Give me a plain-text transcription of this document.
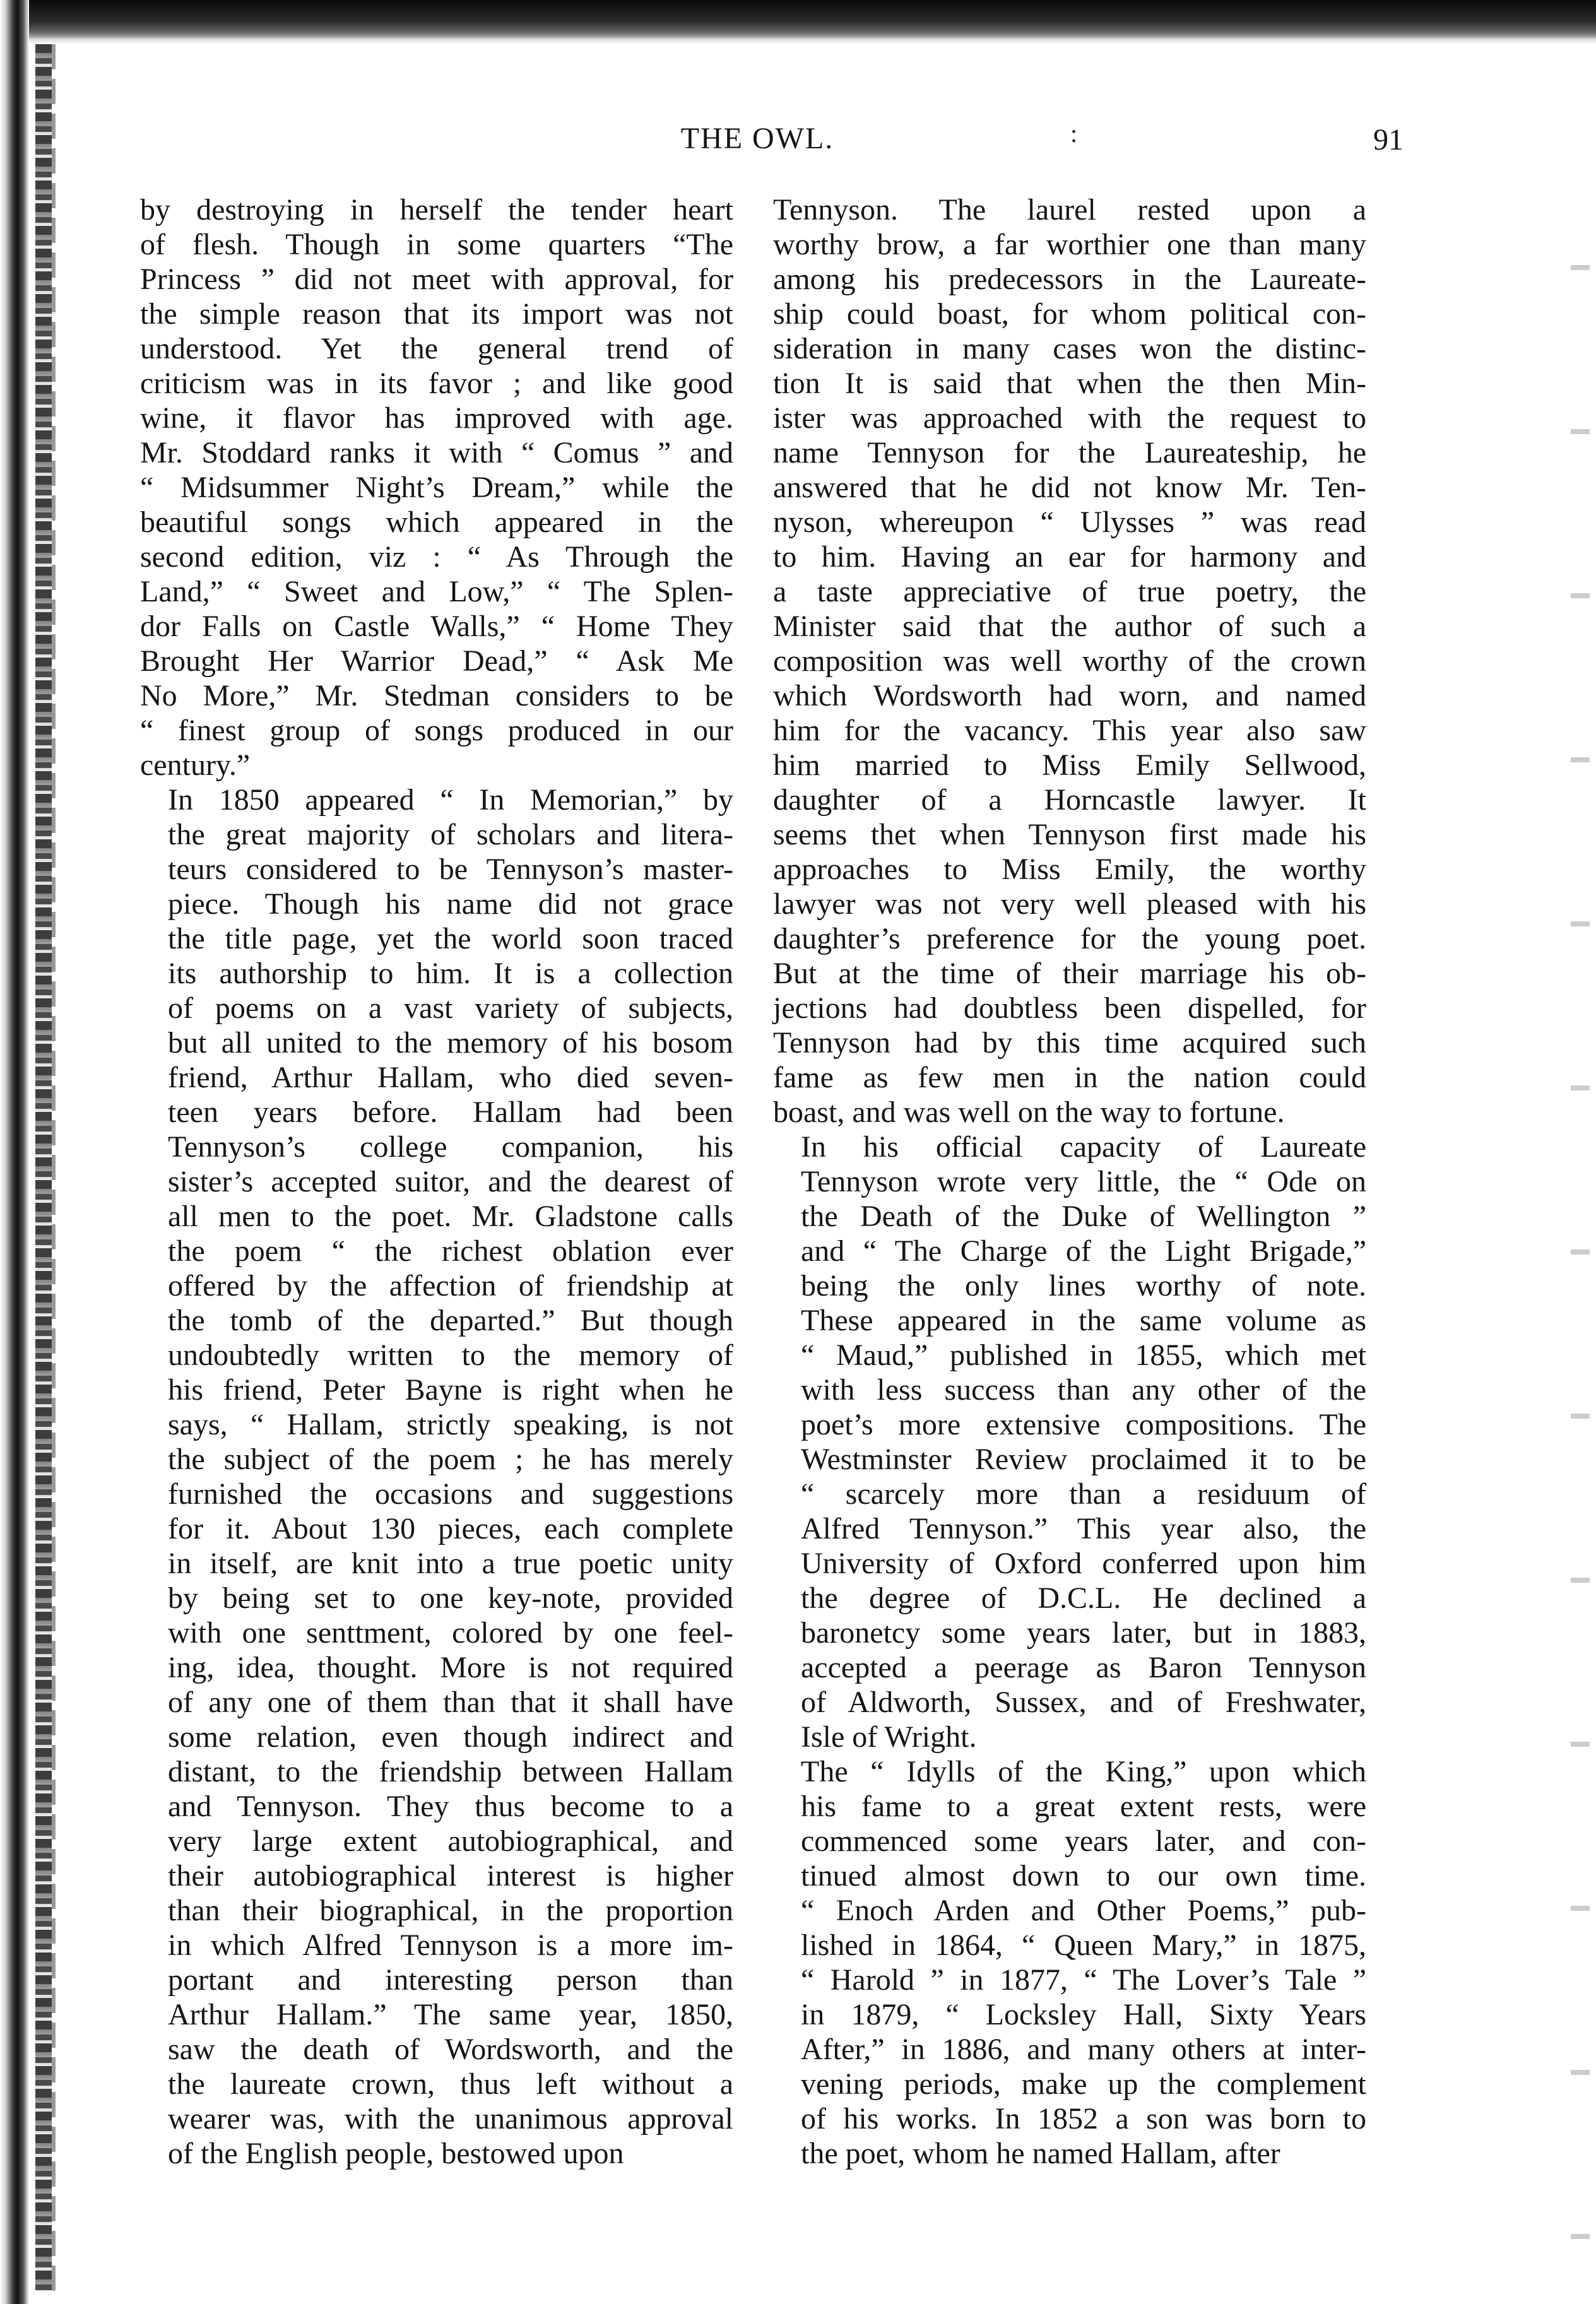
THE OWL.	:	91

by destroying in herself the tender heart
of flesh. Though in some quarters “The
Princess ” did not meet with approval, for
the simple reason that its import was not
understood. Yet the general trend of
criticism was in its favor ; and like good
wine, it flavor has improved with age.
Mr. Stoddard ranks it with “ Comus ” and
“ Midsummer Night’s Dream,” while the
beautiful songs which appeared in the
second edition, viz : “ As Through the
Land,” “ Sweet and Low,” “ The Splen-
dor Falls on Castle Walls,” “ Home They
Brought Her Warrior Dead,” “ Ask Me
No More,” Mr. Stedman considers to be
“ finest group of songs produced in our
century.”

In 1850 appeared “ In Memorian,” by
the great majority of scholars and litera-
teurs considered to be Tennyson’s master-
piece. Though his name did not grace
the title page, yet the world soon traced
its authorship to him. It is a collection
of poems on a vast variety of subjects,
but all united to the memory of his bosom
friend, Arthur Hallam, who died seven-
teen years before. Hallam had been
Tennyson’s college companion, his
sister’s accepted suitor, and the dearest of
all men to the poet. Mr. Gladstone calls
the poem “ the richest oblation ever
offered by the affection of friendship at
the tomb of the departed.” But though
undoubtedly written to the memory of
his friend, Peter Bayne is right when he
says, “ Hallam, strictly speaking, is not
the subject of the poem ; he has merely
furnished the occasions and suggestions
for it. About 130 pieces, each complete
in itself, are knit into a true poetic unity
by being set to one key-note, provided
with one senttment, colored by one feel-
ing, idea, thought. More is not required
of any one of them than that it shall have
some relation, even though indirect and
distant, to the friendship between Hallam
and Tennyson. They thus become to a
very large extent autobiographical, and
their autobiographical interest is higher
than their biographical, in the proportion
in which Alfred Tennyson is a more im-
portant and interesting person than
Arthur Hallam.” The same year, 1850,
saw the death of Wordsworth, and the
the laureate crown, thus left without a
wearer was, with the unanimous approval
of the English people, bestowed upon

Tennyson. The laurel rested upon a
worthy brow, a far worthier one than many
among his predecessors in the Laureate-
ship could boast, for whom political con-
sideration in many cases won the distinc-
tion It is said that when the then Min-
ister was approached with the request to
name Tennyson for the Laureateship, he
answered that he did not know Mr. Ten-
nyson, whereupon “ Ulysses ” was read
to him. Having an ear for harmony and
a taste appreciative of true poetry, the
Minister said that the author of such a
composition was well worthy of the crown
which Wordsworth had worn, and named
him for the vacancy. This year also saw
him married to Miss Emily Sellwood,
daughter of a Horncastle lawyer. It
seems thet when Tennyson first made his
approaches to Miss Emily, the worthy
lawyer was not very well pleased with his
daughter’s preference for the young poet.
But at the time of their marriage his ob-
jections had doubtless been dispelled, for
Tennyson had by this time acquired such
fame as few men in the nation could
boast, and was well on the way to fortune.

In his official capacity of Laureate
Tennyson wrote very little, the “ Ode on
the Death of the Duke of Wellington ”
and “ The Charge of the Light Brigade,”
being the only lines worthy of note.
These appeared in the same volume as
“ Maud,” published in 1855, which met
with less success than any other of the
poet’s more extensive compositions. The
Westminster Review proclaimed it to be
“ scarcely more than a residuum of
Alfred Tennyson.” This year also, the
University of Oxford conferred upon him
the degree of D.C.L. He declined a
baronetcy some years later, but in 1883,
accepted a peerage as Baron Tennyson
of Aldworth, Sussex, and of Freshwater,
Isle of Wright.

The “ Idylls of the King,” upon which
his fame to a great extent rests, were
commenced some years later, and con-
tinued almost down to our own time.
“ Enoch Arden and Other Poems,” pub-
lished in 1864, “ Queen Mary,” in 1875,
“ Harold ” in 1877, “ The Lover’s Tale ”
in 1879, “ Locksley Hall, Sixty Years
After,” in 1886, and many others at inter-
vening periods, make up the complement
of his works. In 1852 a son was born to
the poet, whom he named Hallam, after
